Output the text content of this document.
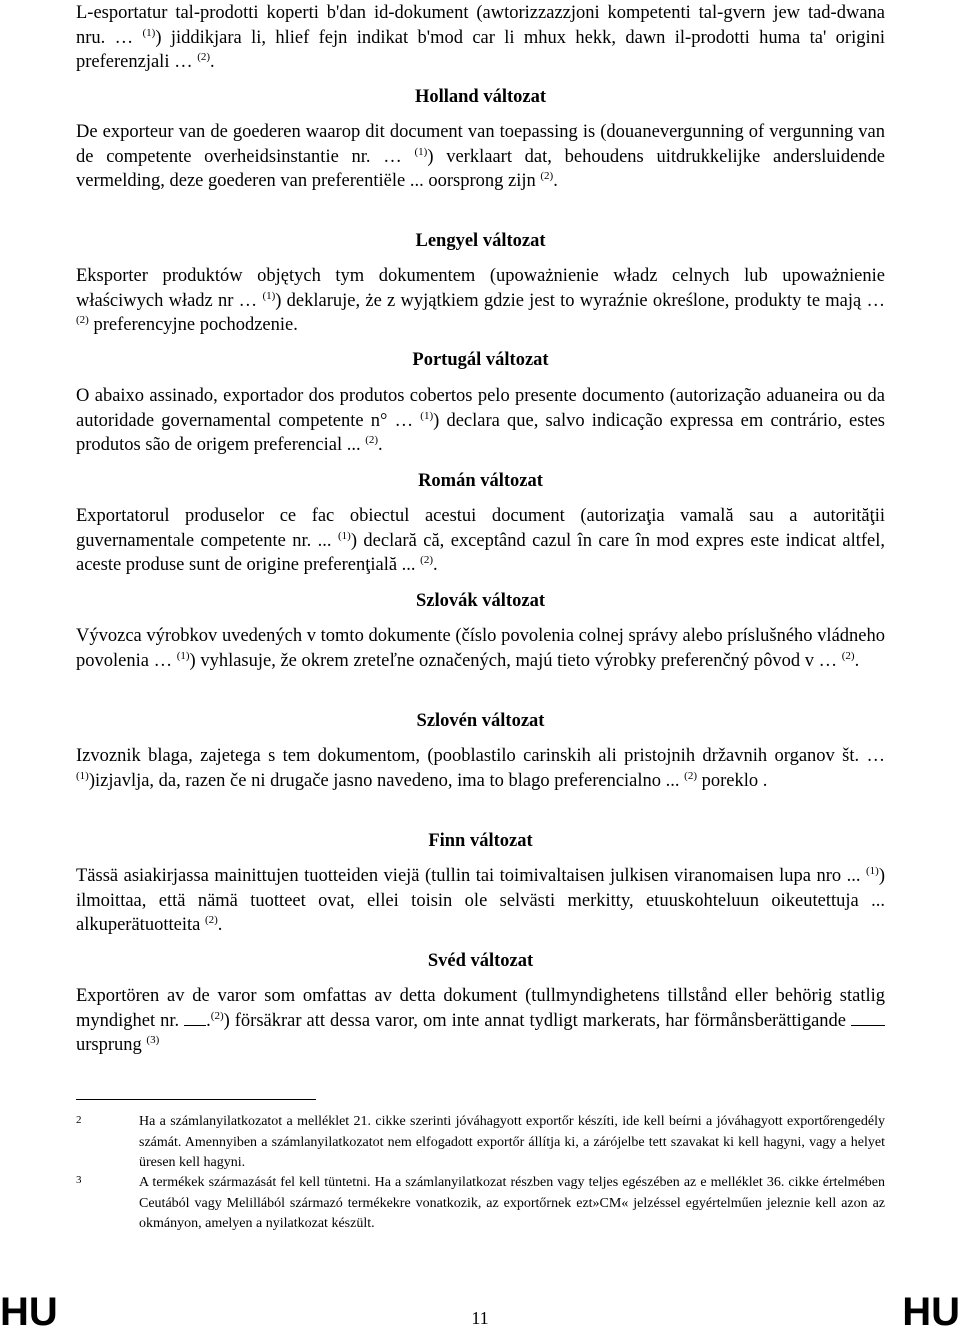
L-esportatur tal-prodotti koperti b'dan id-dokument (awtorizzazzjoni kompetenti tal-gvern jew tad-dwana nru. … $^{(1)}$) jiddikjara li, hlief fejn indikat b'mod car li mhux hekk, dawn il-prodotti huma ta' origini preferenzjali … $^{(2)}$.

Holland változat

De exporteur van de goederen waarop dit document van toepassing is (douanevergunning of vergunning van de competente overheidsinstantie nr. … $^{(1)}$) verklaart dat, behoudens uitdrukkelijke andersluidende vermelding, deze goederen van preferentiële ... oorsprong zijn $^{(2)}$.

Lengyel változat

Eksporter produktów objętych tym dokumentem (upoważnienie władz celnych lub upoważnienie właściwych władz nr … $^{(1)}$) deklaruje, że z wyjątkiem gdzie jest to wyraźnie określone, produkty te mają … $^{(2)}$ preferencyjne pochodzenie.

Portugál változat

O abaixo assinado, exportador dos produtos cobertos pelo presente documento (autorização aduaneira ou da autoridade governamental competente n° … $^{(1)}$) declara que, salvo indicação expressa em contrário, estes produtos são de origem preferencial ... $^{(2)}$.

Román változat

Exportatorul produselor ce fac obiectul acestui document (autorizaţia vamală sau a autorităţii guvernamentale competente nr. ... $^{(1)}$) declară că, exceptând cazul în care în mod expres este indicat altfel, aceste produse sunt de origine preferenţială ... $^{(2)}$.

Szlovák változat

Vývozca výrobkov uvedených v tomto dokumente (číslo povolenia colnej správy alebo príslušného vládneho povolenia … $^{(1)}$) vyhlasuje, že okrem zreteľne označených, majú tieto výrobky preferenčný pôvod v … $^{(2)}$.

Szlovén változat

Izvoznik blaga, zajetega s tem dokumentom, (pooblastilo carinskih ali pristojnih državnih organov št. … $^{(1)}$)izjavlja, da, razen če ni drugače jasno navedeno, ima to blago preferencialno ... $^{(2)}$ poreklo .

Finn változat

Tässä asiakirjassa mainittujen tuotteiden viejä (tullin tai toimivaltaisen julkisen viranomaisen lupa nro ... $^{(1)}$) ilmoittaa, että nämä tuotteet ovat, ellei toisin ole selvästi merkitty, etuuskohteluun oikeutettuja ... alkuperätuotteita $^{(2)}$.

Svéd változat

Exportören av de varor som omfattas av detta dokument (tullmyndighetens tillstånd eller behörig statlig myndighet nr. .$^{(2)}$) försäkrar att dessa varor, om inte annat tydligt markerats, har förmånsberättigande  ursprung $^{(3)}$

2	Ha a számlanyilatkozatot a melléklet 21. cikke szerinti jóváhagyott exportőr készíti, ide kell beírni a jóváhagyott exportőrengedély számát. Amennyiben a számlanyilatkozatot nem elfogadott exportőr állítja ki, a zárójelbe tett szavakat ki kell hagyni, vagy a helyet üresen kell hagyni.
3	A termékek származását fel kell tüntetni. Ha a számlanyilatkozat részben vagy teljes egészében az e melléklet 36. cikke értelmében Ceutából vagy Melillából származó termékekre vonatkozik, az exportőrnek ezt»CM« jelzéssel egyértelműen jeleznie kell azon az okmányon, amelyen a nyilatkozat készült.
HU	HU
11
